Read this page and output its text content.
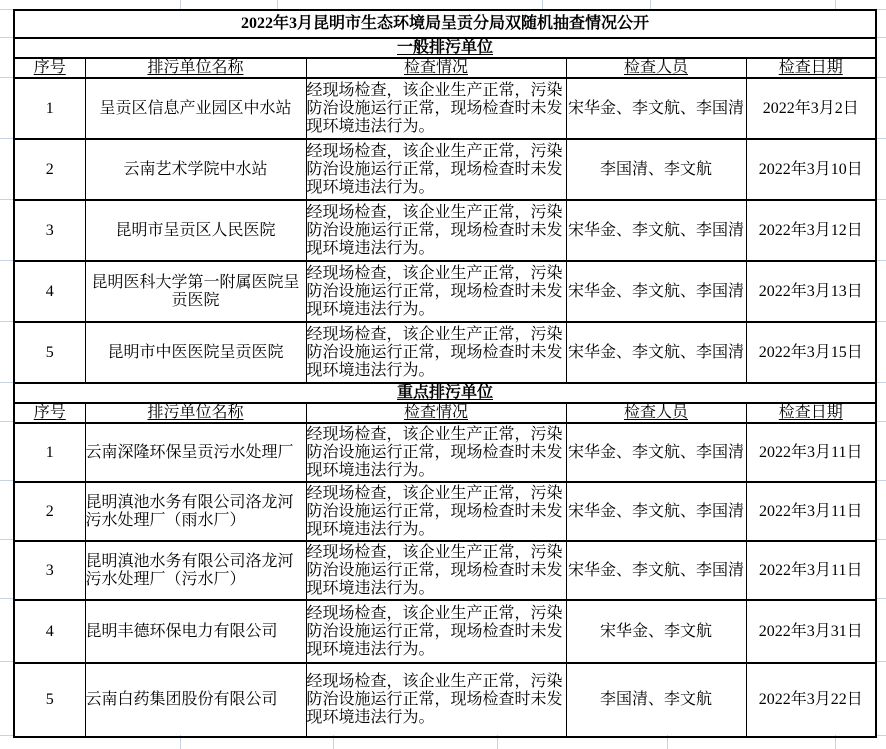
2022年3月昆明市生态环境局呈贡分局双随机抽查情况公开				
一般排污单位				
序号	排污单位名称	检查情况	检查人员	检查日期
1	呈贡区信息产业园区中水站	经现场检查，该企业生产正常，污染防治设施运行正常，现场检查时未发现环境违法行为。	宋华金、李文航、李国清	2022年3月2日
2	云南艺术学院中水站	经现场检查，该企业生产正常，污染防治设施运行正常，现场检查时未发现环境违法行为。	李国清、李文航	2022年3月10日
3	昆明市呈贡区人民医院	经现场检查，该企业生产正常，污染防治设施运行正常，现场检查时未发现环境违法行为。	宋华金、李文航、李国清	2022年3月12日
4	昆明医科大学第一附属医院呈贡医院	经现场检查，该企业生产正常，污染防治设施运行正常，现场检查时未发现环境违法行为。	宋华金、李文航、李国清	2022年3月13日
5	昆明市中医医院呈贡医院	经现场检查，该企业生产正常，污染防治设施运行正常，现场检查时未发现环境违法行为。	宋华金、李文航、李国清	2022年3月15日
重点排污单位				
序号	排污单位名称	检查情况	检查人员	检查日期
1	云南深隆环保呈贡污水处理厂	经现场检查，该企业生产正常，污染防治设施运行正常，现场检查时未发现环境违法行为。	宋华金、李文航、李国清	2022年3月11日
2	昆明滇池水务有限公司洛龙河污水处理厂（雨水厂）	经现场检查，该企业生产正常，污染防治设施运行正常，现场检查时未发现环境违法行为。	宋华金、李文航、李国清	2022年3月11日
3	昆明滇池水务有限公司洛龙河污水处理厂（污水厂）	经现场检查，该企业生产正常，污染防治设施运行正常，现场检查时未发现环境违法行为。	宋华金、李文航、李国清	2022年3月11日
4	昆明丰德环保电力有限公司	经现场检查，该企业生产正常，污染防治设施运行正常，现场检查时未发现环境违法行为。	宋华金、李文航	2022年3月31日
5	云南白药集团股份有限公司	经现场检查，该企业生产正常，污染防治设施运行正常，现场检查时未发现环境违法行为。	李国清、李文航	2022年3月22日
